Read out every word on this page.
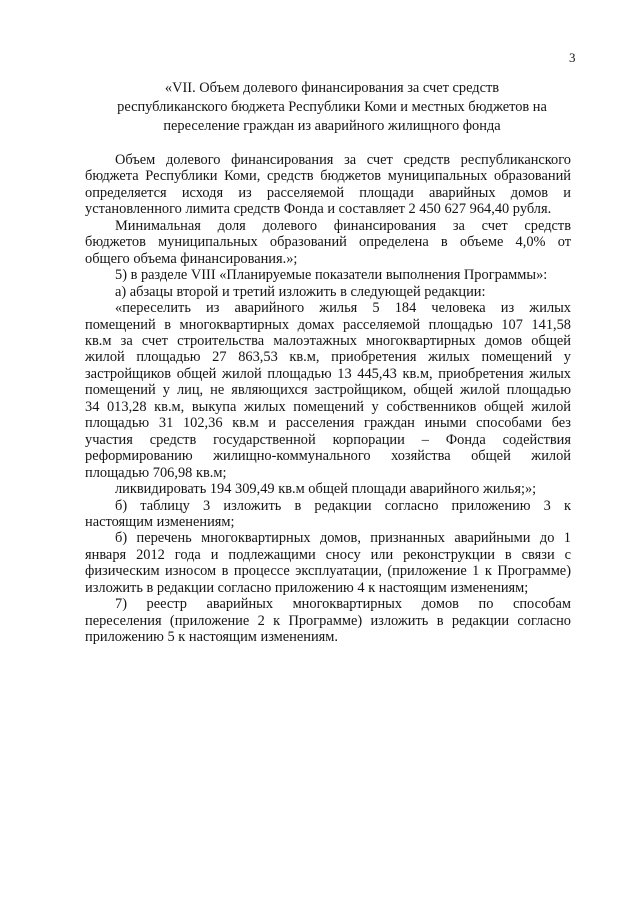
3
«VII. Объем долевого финансирования за счет средств
республиканского бюджета Республики Коми и местных бюджетов на
переселение граждан из аварийного жилищного фонда
Объем долевого финансирования за счет средств республиканского
бюджета Республики Коми, средств бюджетов муниципальных образований
определяется исходя из расселяемой площади аварийных домов и
установленного лимита средств Фонда и составляет 2 450 627 964,40 рубля.
Минимальная доля долевого финансирования за счет средств
бюджетов муниципальных образований определена в объеме 4,0% от
общего объема финансирования.»;
5) в разделе VIII «Планируемые показатели выполнения Программы»:
а) абзацы второй и третий изложить в следующей редакции:
«переселить из аварийного жилья 5 184 человека из жилых
помещений в многоквартирных домах расселяемой площадью 107 141,58
кв.м за счет строительства малоэтажных многоквартирных домов общей
жилой площадью 27 863,53 кв.м, приобретения жилых помещений у
застройщиков общей жилой площадью 13 445,43 кв.м, приобретения жилых
помещений у лиц, не являющихся застройщиком, общей жилой площадью
34 013,28 кв.м, выкупа жилых помещений у собственников общей жилой
площадью 31 102,36 кв.м и расселения граждан иными способами без
участия средств государственной корпорации – Фонда содействия
реформированию жилищно-коммунального хозяйства общей жилой
площадью 706,98 кв.м;
ликвидировать 194 309,49 кв.м общей площади аварийного жилья;»;
б) таблицу 3 изложить в редакции согласно приложению 3 к
настоящим изменениям;
б) перечень многоквартирных домов, признанных аварийными до 1
января 2012 года и подлежащими сносу или реконструкции в связи с
физическим износом в процессе эксплуатации, (приложение 1 к Программе)
изложить в редакции согласно приложению 4 к настоящим изменениям;
7) реестр аварийных многоквартирных домов по способам
переселения (приложение 2 к Программе) изложить в редакции согласно
приложению 5 к настоящим изменениям.
